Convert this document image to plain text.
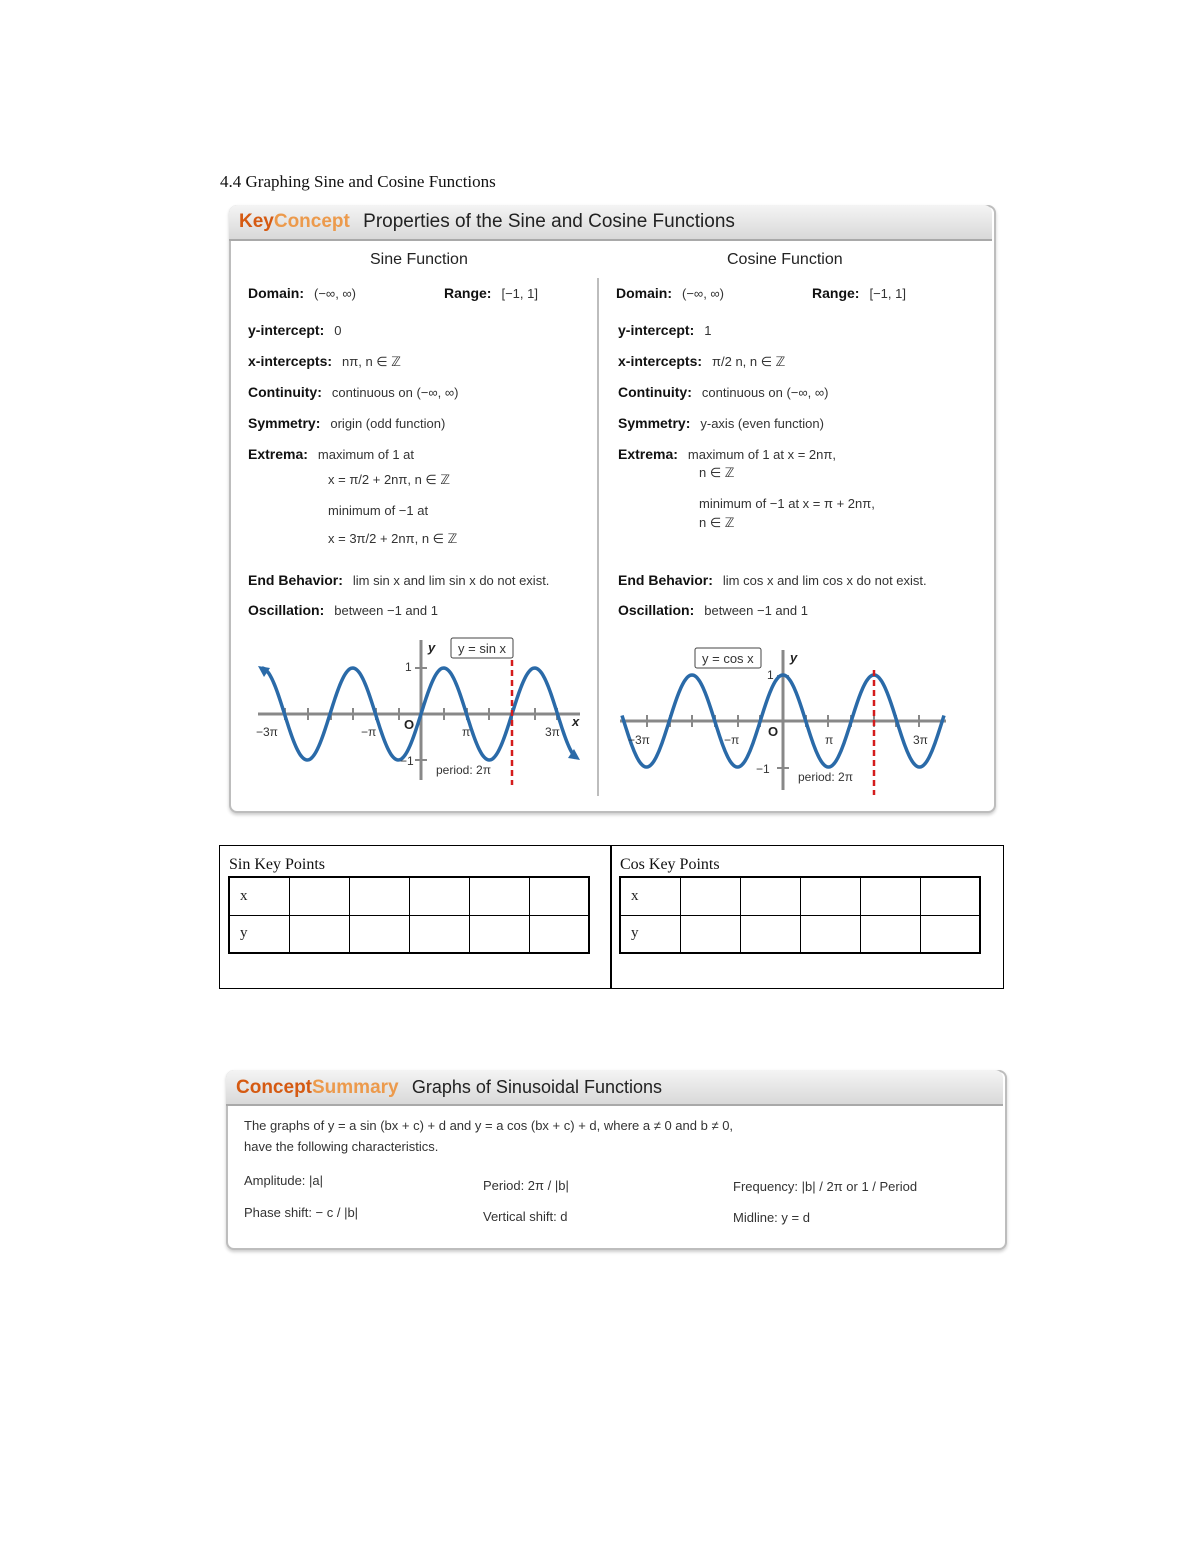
4.4 Graphing Sine and Cosine Functions
KeyConcept Properties of the Sine and Cosine Functions
Sine Function
Domain: (−∞, ∞)	Range: [−1, 1]
y-intercept: 0
x-intercepts: nπ, n ∈ ℤ
Continuity: continuous on (−∞, ∞)
Symmetry: origin (odd function)
Extrema: maximum of 1 at
x = π/2 + 2nπ, n ∈ ℤ
minimum of −1 at
x = 3π/2 + 2nπ, n ∈ ℤ
End Behavior: lim sin x and lim sin x do not exist.
Oscillation: between −1 and 1
y = sin x
y
x
O
1
−1
−3π	−π	π	3π
period: 2π
Cosine Function
Domain: (−∞, ∞)	Range: [−1, 1]
y-intercept: 1
x-intercepts: π/2 n, n ∈ ℤ
Continuity: continuous on (−∞, ∞)
Symmetry: y-axis (even function)
Extrema: maximum of 1 at x = 2nπ,
n ∈ ℤ
minimum of −1 at x = π + 2nπ,
n ∈ ℤ
End Behavior: lim cos x and lim cos x do not exist.
Oscillation: between −1 and 1
y = cos x	y
O
1
−1
−3π	−π	π	3π
period: 2π
Sin Key Points
x					
y					
Cos Key Points
x					
y					
ConceptSummary Graphs of Sinusoidal Functions
The graphs of y = a sin (bx + c) + d and y = a cos (bx + c) + d, where a ≠ 0 and b ≠ 0,
have the following characteristics.
Amplitude: |a|	Period: 2π / |b|	Frequency: |b| / 2π or 1 / Period
Phase shift: − c / |b|	Vertical shift: d	Midline: y = d
